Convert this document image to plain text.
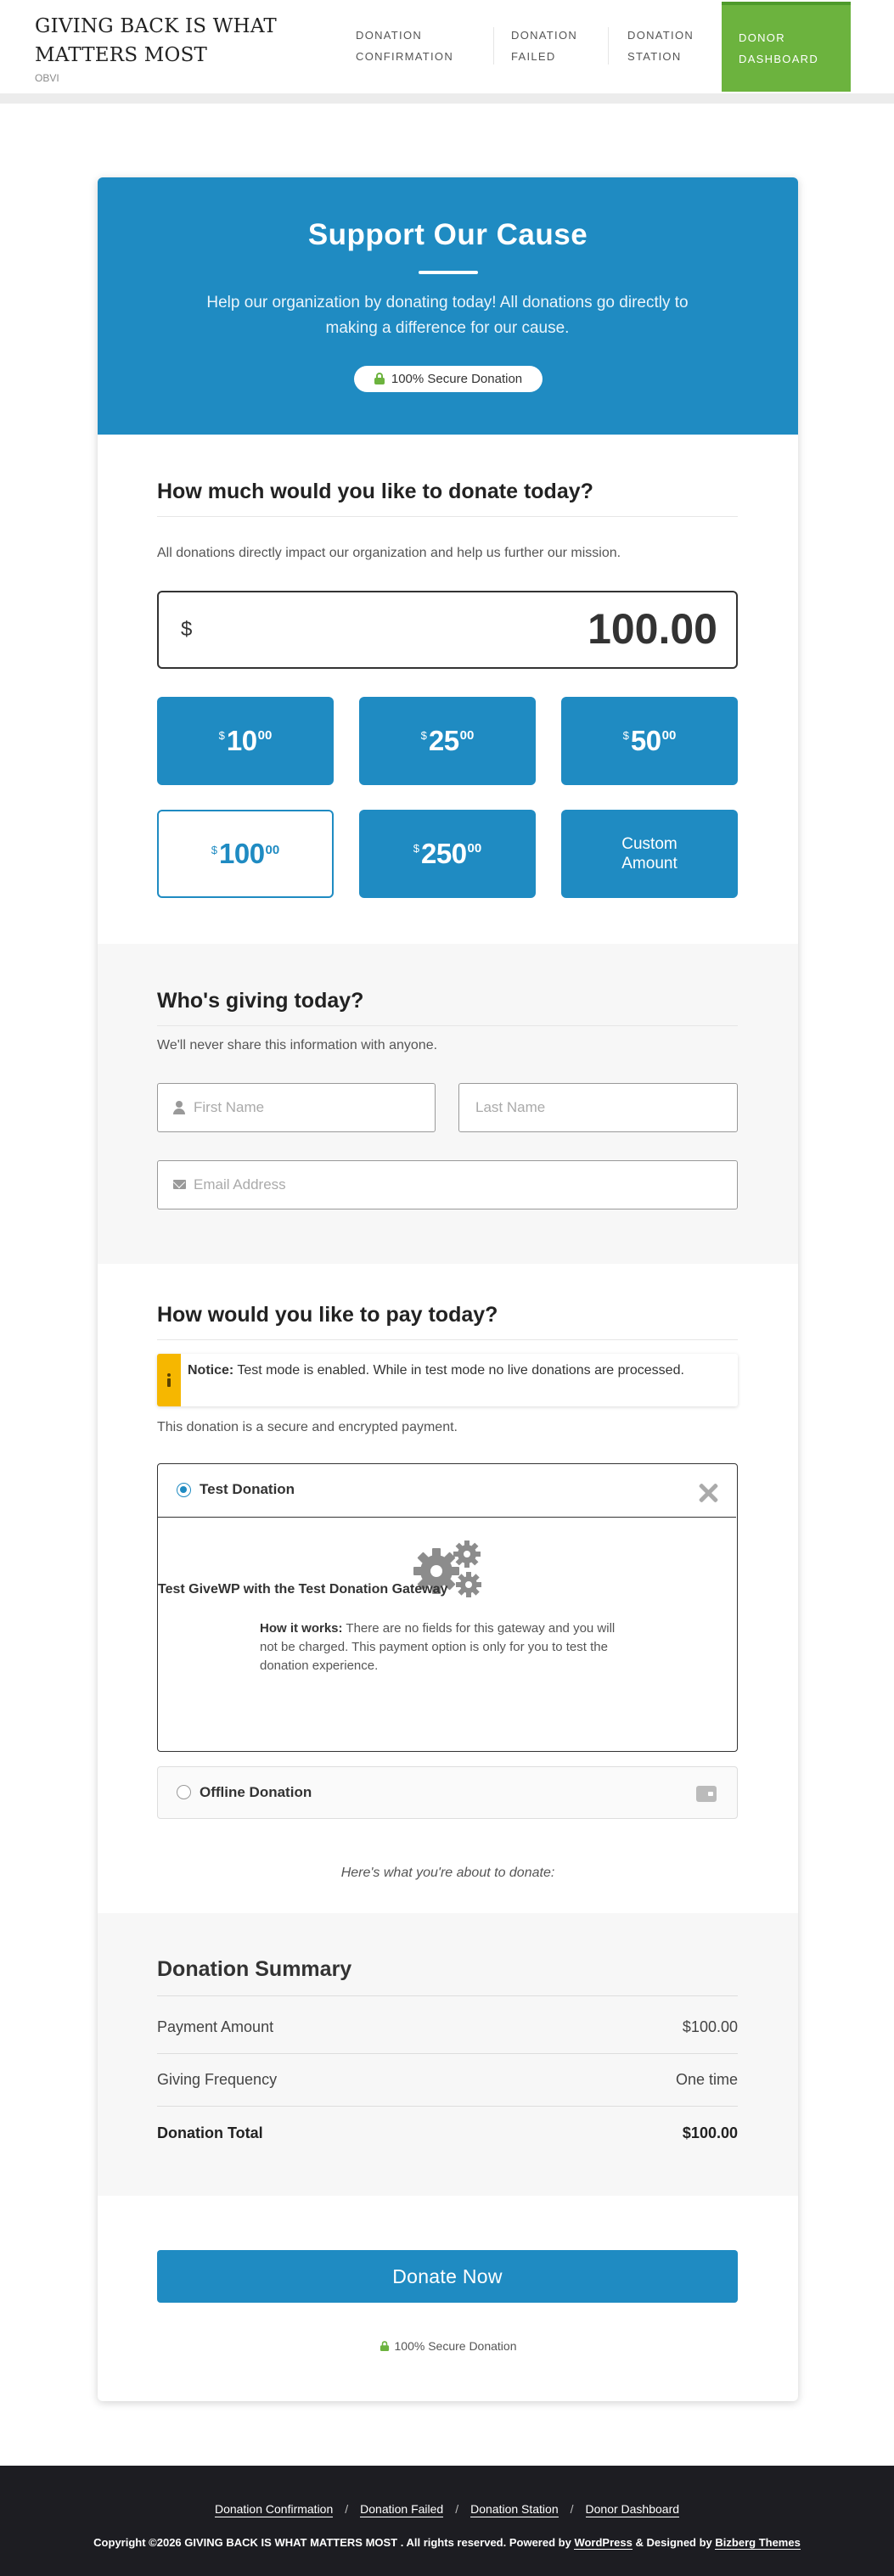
GIVING BACK IS WHAT MATTERS MOST
OBVI
DONATION
CONFIRMATION
DONATION
FAILED
DONATION
STATION
DONOR
DASHBOARD
Support Our Cause

Help our organization by donating today! All donations go directly to making a difference for our cause.

100% Secure Donation
How much would you like to donate today?

All donations directly impact our organization and help us further our mission.

$	100.00
$ 10 00	$ 25 00	$ 50 00
$ 100 00	$ 250 00	Custom Amount
Who's giving today?

We'll never share this information with anyone.

First Name
Last Name
Email Address
How would you like to pay today?
Notice: Test mode is enabled. While in test mode no live donations are processed.

This donation is a secure and encrypted payment.

Test Donation
Test GiveWP with the Test Donation Gateway
How it works: There are no fields for this gateway and you will not be charged. This payment option is only for you to test the donation experience.
Offline Donation

Here's what you're about to donate:

Donation Summary
Payment Amount	$100.00
Giving Frequency	One time
Donation Total	$100.00
Donate Now
100% Secure Donation
Donation Confirmation / Donation Failed / Donation Station / Donor Dashboard
Copyright ©2026 GIVING BACK IS WHAT MATTERS MOST . All rights reserved. Powered by WordPress & Designed by Bizberg Themes
